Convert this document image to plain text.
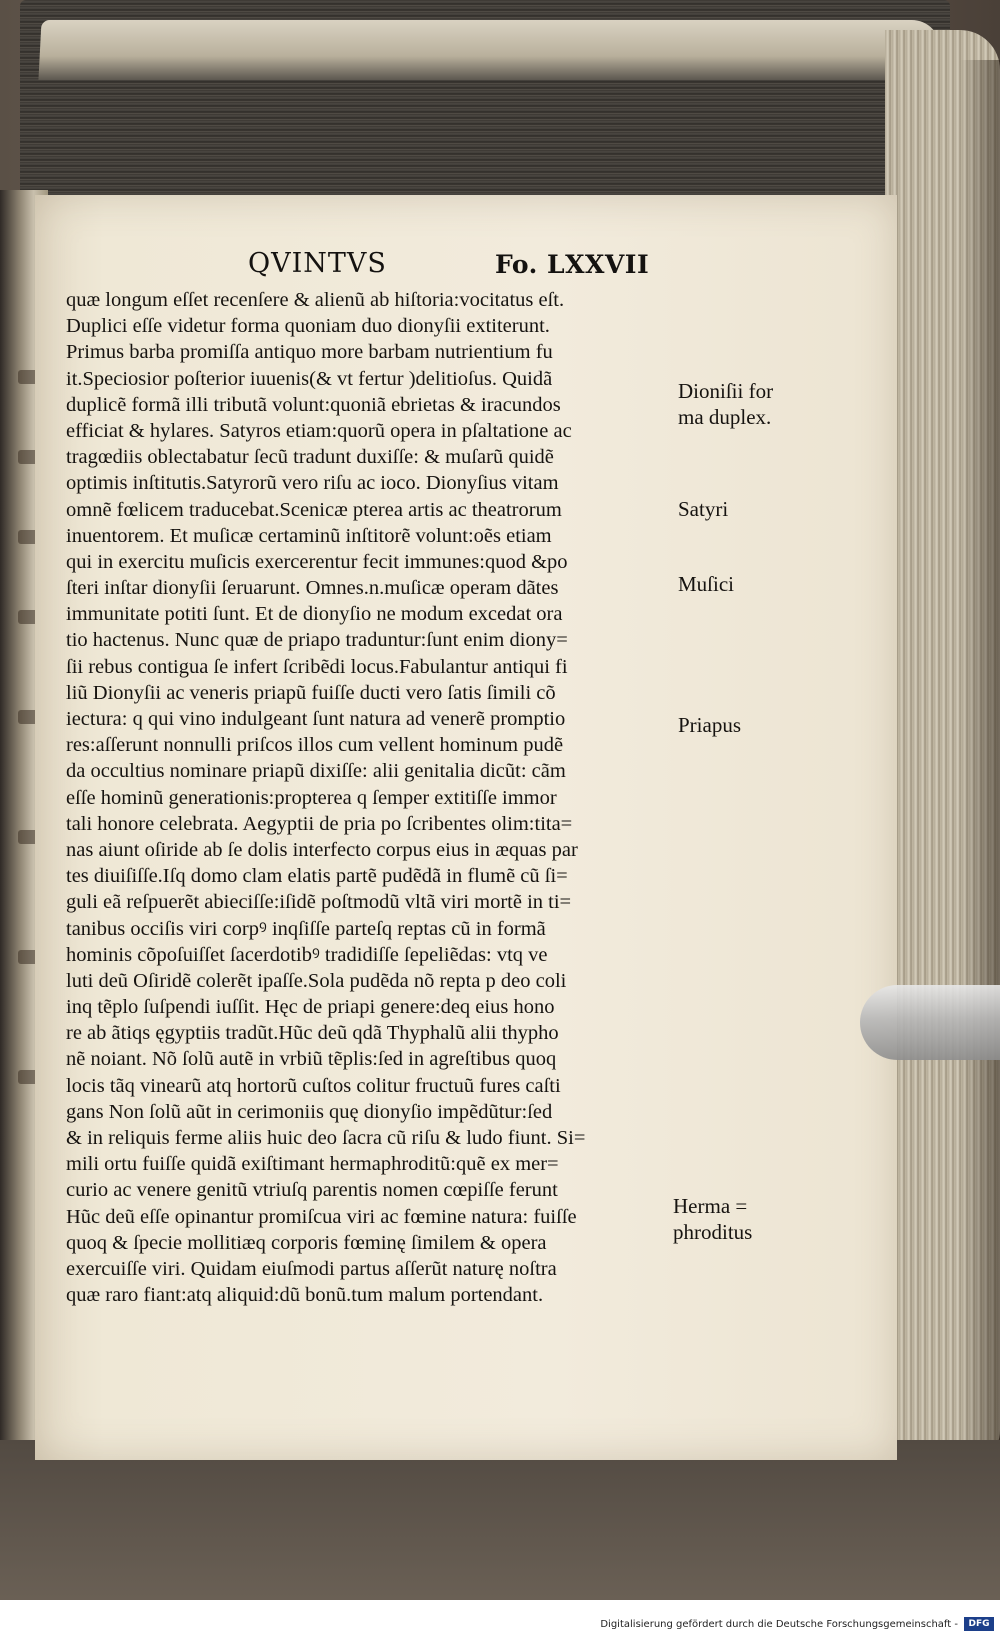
QVINTVS	Fo. LXXVII
quæ longum eſſet recenſere & alienũ ab hiſtoria:vocitatus eſt.
Duplici eſſe videtur forma quoniam duo dionyſii extiterunt.
Primus barba promiſſa antiquo more barbam nutrientium fu
it.Speciosior poſterior iuuenis(& vt fertur )delitioſus. Quidã
duplicẽ formã illi tributã volunt:quoniã ebrietas & iracundos
efficiat & hylares. Satyros etiam:quorũ opera in pſaltatione ac
tragœdiis oblectabatur ſecũ tradunt duxiſſe: & muſarũ quidẽ
optimis inſtitutis.Satyrorũ vero riſu ac ioco. Dionyſius vitam
omnẽ fœlicem traducebat.Scenicæ pterea artis ac theatrorum
inuentorem. Et muſicæ certaminũ inſtitorẽ volunt:oẽs etiam
qui in exercitu muſicis exercerentur fecit immunes:quod &po
ſteri inſtar dionyſii ſeruarunt. Omnes.n.muſicæ operam dãtes
immunitate potiti ſunt. Et de dionyſio ne modum excedat ora
tio hactenus. Nunc quæ de priapo traduntur:ſunt enim diony=
ſii rebus contigua ſe infert ſcribẽdi locus.Fabulantur antiqui fi
liũ Dionyſii ac veneris priapũ fuiſſe ducti vero ſatis ſimili cõ
iectura: q qui vino indulgeant ſunt natura ad venerẽ promptio
res:aſſerunt nonnulli priſcos illos cum vellent hominum pudẽ
da occultius nominare priapũ dixiſſe: alii genitalia dicũt: cãm
eſſe hominũ generationis:propterea q ſemper extitiſſe immor
tali honore celebrata. Aegyptii de pria po ſcribentes olim:tita=
nas aiunt oſiride ab ſe dolis interfecto corpus eius in æquas par
tes diuiſiſſe.Iſq domo clam elatis partẽ pudẽdã in flumẽ cũ ſi=
guli eã reſpuerẽt abieciſſe:iſidẽ poſtmodũ vltã viri mortẽ in ti=
tanibus occiſis viri corpꝰ inqſiſſe parteſq reptas cũ in formã
hominis cõpoſuiſſet ſacerdotibꝰ tradidiſſe ſepeliẽdas: vtq ve
luti deũ Oſiridẽ colerẽt ipaſſe.Sola pudẽda nõ repta p deo coli
inq tẽplo ſuſpendi iuſſit. Hęc de priapi genere:deq eius hono
re ab ãtiqs ęgyptiis tradũt.Hũc deũ qdã Thyphalũ alii thypho
nẽ noiant. Nõ ſolũ autẽ in vrbiũ tẽplis:ſed in agreſtibus quoq
locis tãq vinearũ atq hortorũ cuſtos colitur fructuũ fures caſti
gans Non ſolũ aũt in cerimoniis quę dionyſio impẽdũtur:ſed
& in reliquis ferme aliis huic deo ſacra cũ riſu & ludo fiunt. Si=
mili ortu fuiſſe quidã exiſtimant hermaphroditũ:quẽ ex mer=
curio ac venere genitũ vtriuſq parentis nomen cœpiſſe ferunt
Hũc deũ eſſe opinantur promiſcua viri ac fœmine natura: fuiſſe
quoq & ſpecie mollitiæq corporis fœminę ſimilem & opera
exercuiſſe viri. Quidam eiuſmodi partus aſſerũt naturę noſtra
quæ raro fiant:atq aliquid:dũ bonũ.tum malum portendant.
Dioniſii for
ma duplex.
Satyri
Muſici
Priapus
Herma =
phroditus
Digitalisierung gefördert durch die Deutsche Forschungsgemeinschaft -	DFG
